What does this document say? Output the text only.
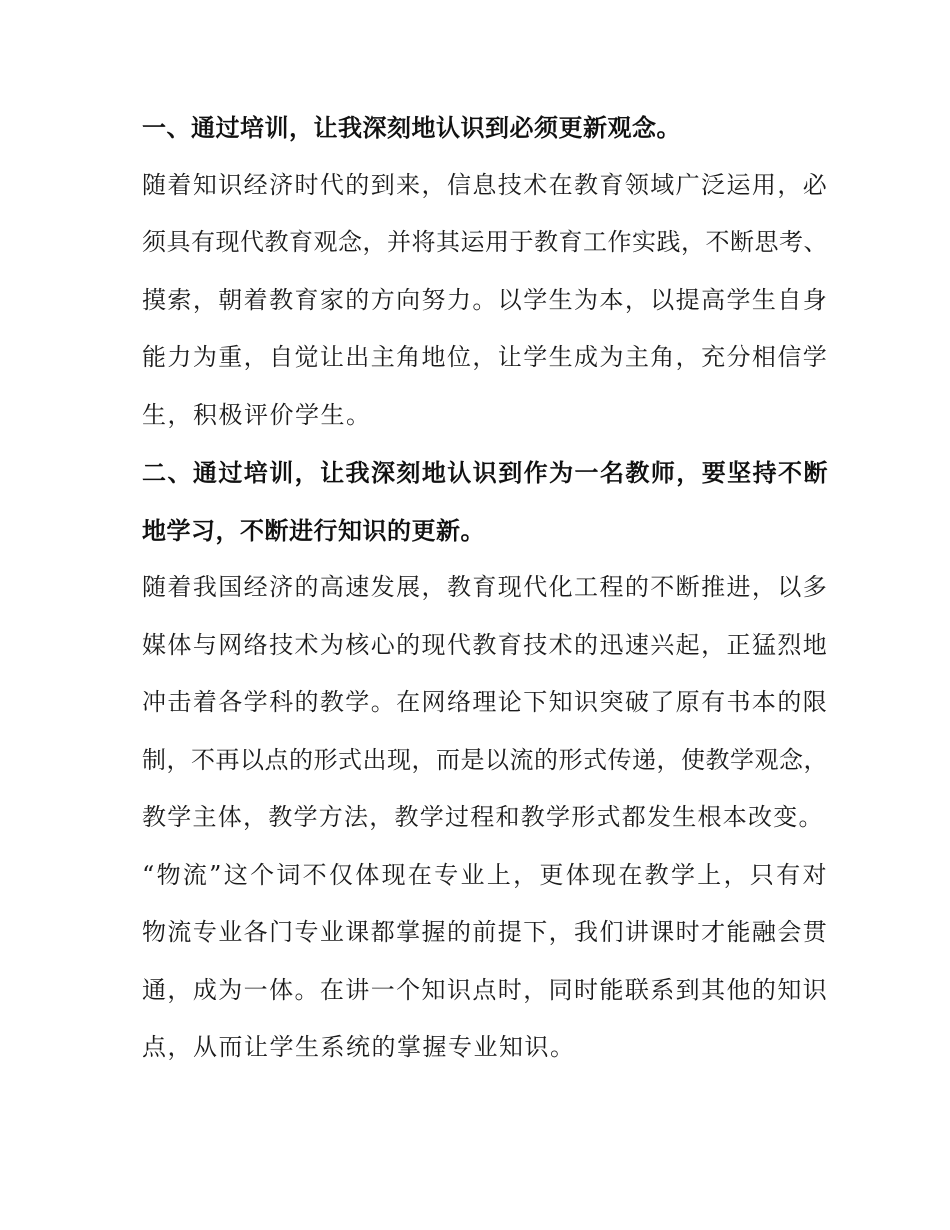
一、通过培训，让我深刻地认识到必须更新观念。

随着知识经济时代的到来，信息技术在教育领域广泛运用，必
须具有现代教育观念，并将其运用于教育工作实践，不断思考、
摸索，朝着教育家的方向努力。以学生为本，以提高学生自身
能力为重，自觉让出主角地位，让学生成为主角，充分相信学
生，积极评价学生。

二、通过培训，让我深刻地认识到作为一名教师，要坚持不断
地学习，不断进行知识的更新。

随着我国经济的高速发展，教育现代化工程的不断推进，以多
媒体与网络技术为核心的现代教育技术的迅速兴起，正猛烈地
冲击着各学科的教学。在网络理论下知识突破了原有书本的限
制，不再以点的形式出现，而是以流的形式传递，使教学观念，
教学主体，教学方法，教学过程和教学形式都发生根本改变。
“物流”这个词不仅体现在专业上，更体现在教学上，只有对
物流专业各门专业课都掌握的前提下，我们讲课时才能融会贯
通，成为一体。在讲一个知识点时，同时能联系到其他的知识
点，从而让学生系统的掌握专业知识。
